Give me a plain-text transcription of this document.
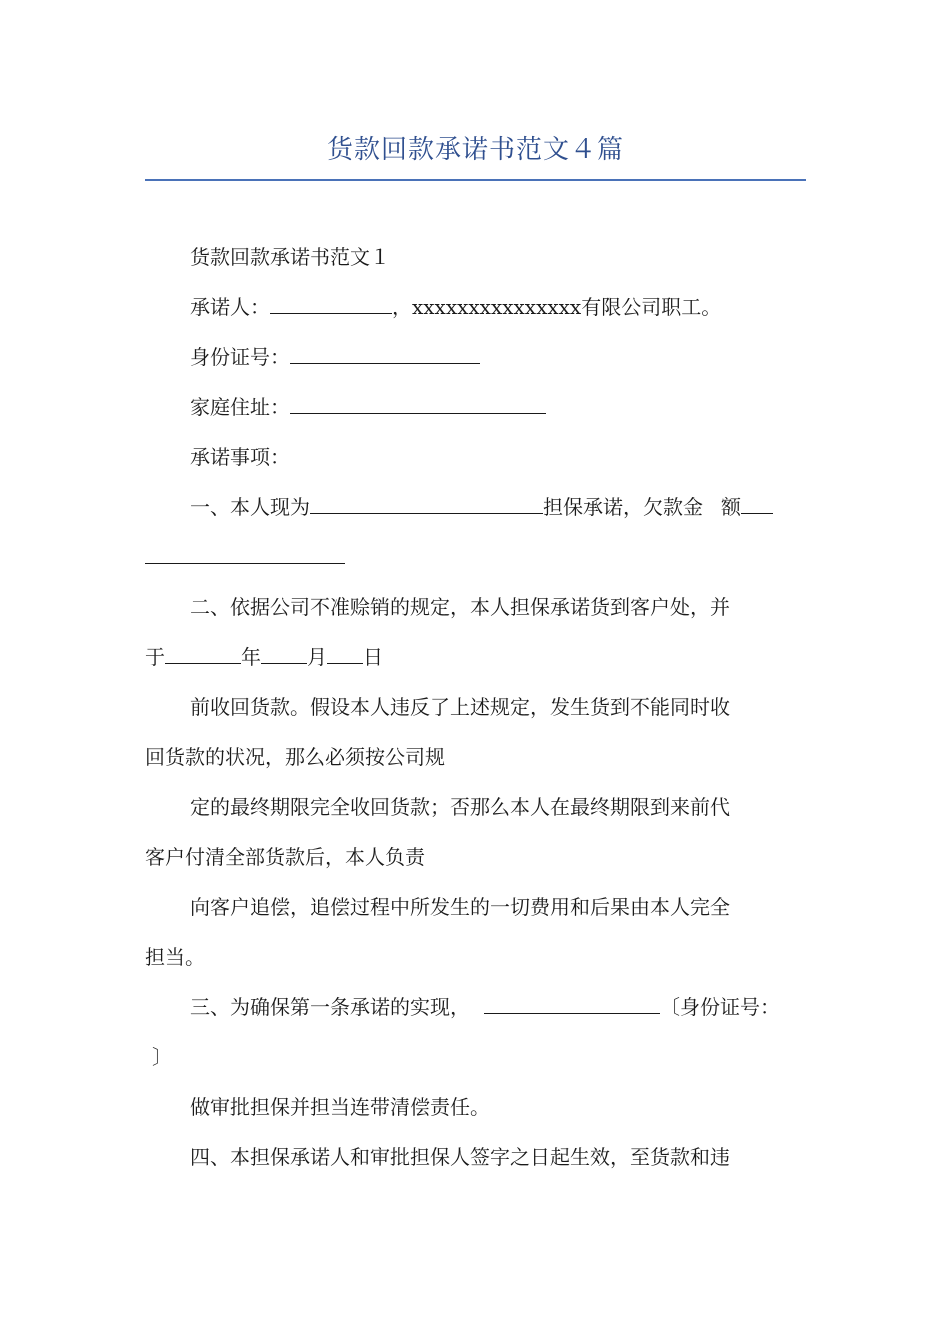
货款回款承诺书范文４篇
货款回款承诺书范文１
承诺人：	，xxxxxxxxxxxxxxx有限公司职工。
身份证号：
家庭住址：
承诺事项：
一、本人现为	担保承诺，欠款金 额
二、依据公司不准赊销的规定，本人担保承诺货到客户处，并
于	年 月 日
前收回货款。假设本人违反了上述规定，发生货到不能同时收
回货款的状况，那么必须按公司规
定的最终期限完全收回货款；否那么本人在最终期限到来前代
客户付清全部货款后，本人负责
向客户追偿，追偿过程中所发生的一切费用和后果由本人完全
担当。
三、为确保第一条承诺的实现，	〔身份证号：
〕
做审批担保并担当连带清偿责任。
四、本担保承诺人和审批担保人签字之日起生效，至货款和违
